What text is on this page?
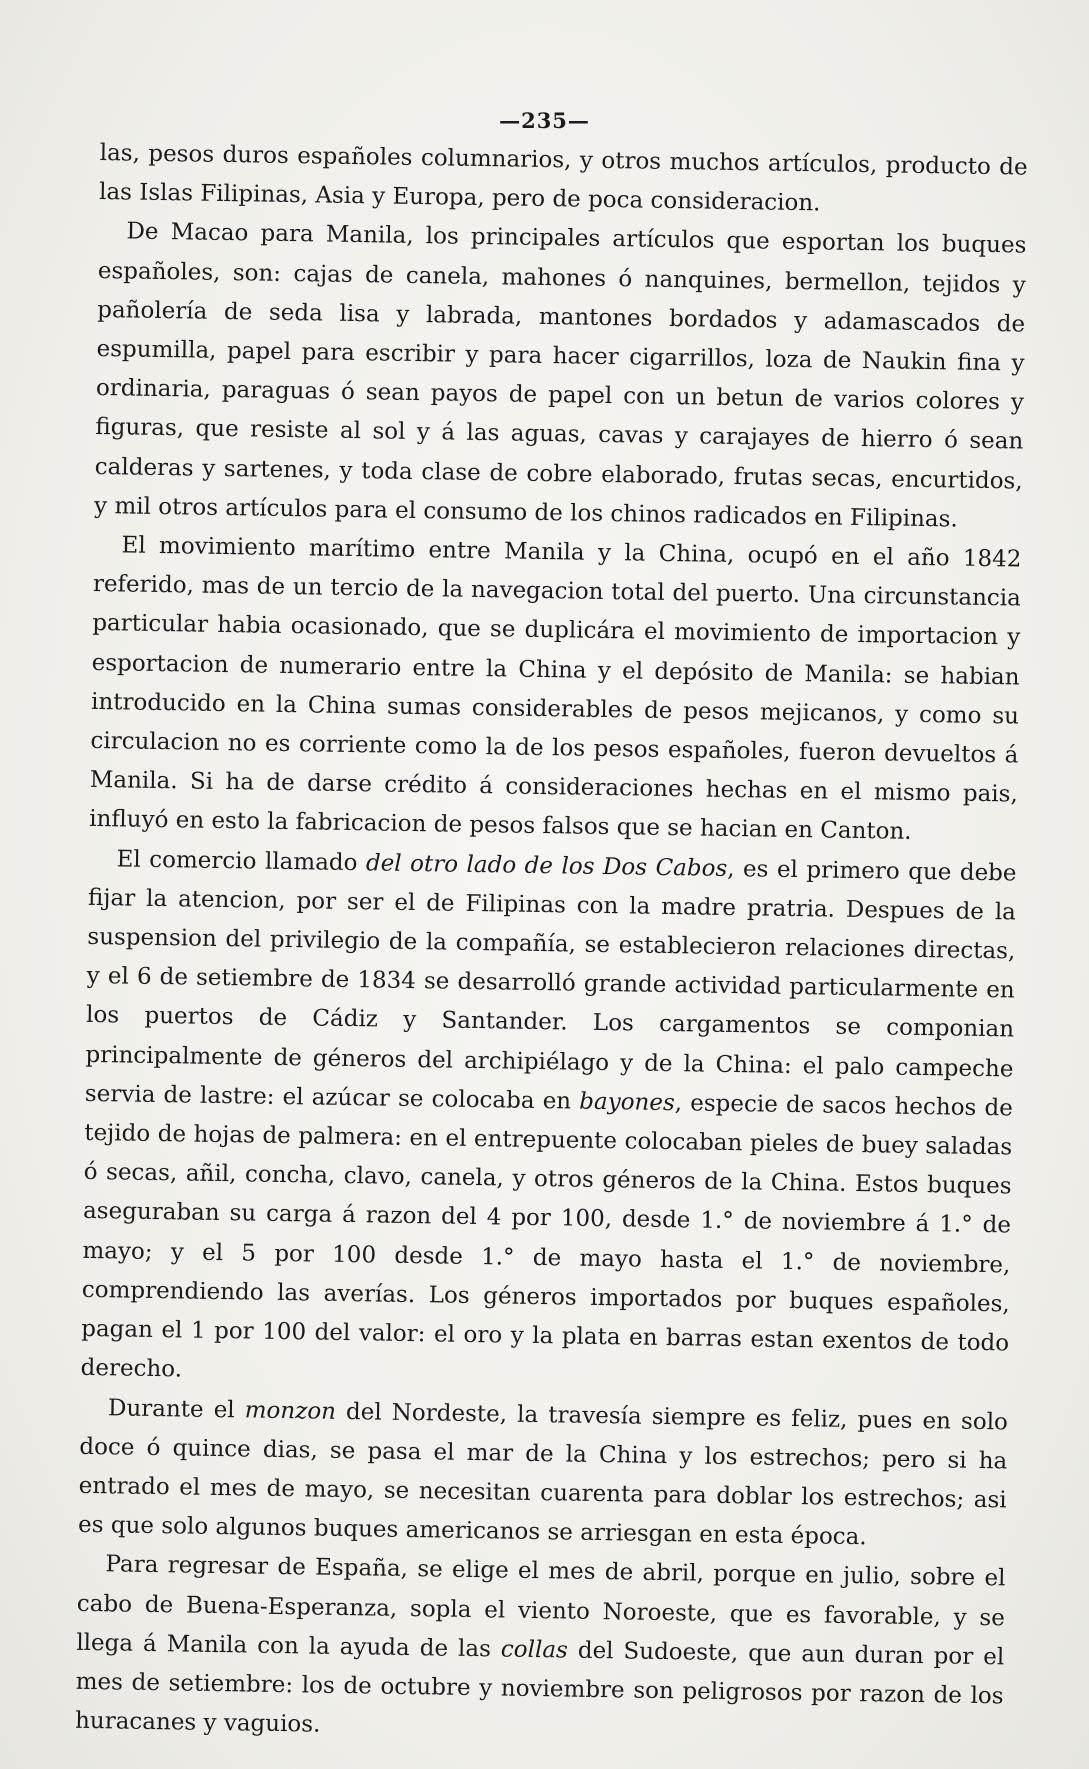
—235—

las, pesos duros españoles columnarios, y otros muchos artículos, producto de las Islas Filipinas, Asia y Europa, pero de poca consideracion.

De Macao para Manila, los principales artículos que esportan los buques españoles, son: cajas de canela, mahones ó nanquines, bermellon, tejidos y pañolería de seda lisa y labrada, mantones bordados y adamascados de espumilla, papel para escribir y para hacer cigarrillos, loza de Naukin fina y ordinaria, paraguas ó sean payos de papel con un betun de varios colores y figuras, que resiste al sol y á las aguas, cavas y carajayes de hierro ó sean calderas y sartenes, y toda clase de cobre elaborado, frutas secas, encurtidos, y mil otros artículos para el consumo de los chinos radicados en Filipinas.

El movimiento marítimo entre Manila y la China, ocupó en el año 1842 referido, mas de un tercio de la navegacion total del puerto. Una circunstancia particular habia ocasionado, que se duplicára el movimiento de importacion y esportacion de numerario entre la China y el depósito de Manila: se habian introducido en la China sumas considerables de pesos mejicanos, y como su circulacion no es corriente como la de los pesos españoles, fueron devueltos á Manila. Si ha de darse crédito á consideraciones hechas en el mismo pais, influyó en esto la fabricacion de pesos falsos que se hacian en Canton.

El comercio llamado del otro lado de los Dos Cabos, es el primero que debe fijar la atencion, por ser el de Filipinas con la madre pratria. Despues de la suspension del privilegio de la compañía, se establecieron relaciones directas, y el 6 de setiembre de 1834 se desarrolló grande actividad particularmente en los puertos de Cádiz y Santander. Los cargamentos se componian principalmente de géneros del archipiélago y de la China: el palo campeche servia de lastre: el azúcar se colocaba en bayones, especie de sacos hechos de tejido de hojas de palmera: en el entrepuente colocaban pieles de buey saladas ó secas, añil, concha, clavo, canela, y otros géneros de la China. Estos buques aseguraban su carga á razon del 4 por 100, desde 1.° de noviembre á 1.° de mayo; y el 5 por 100 desde 1.° de mayo hasta el 1.° de noviembre, comprendiendo las averías. Los géneros importados por buques españoles, pagan el 1 por 100 del valor: el oro y la plata en barras estan exentos de todo derecho.

Durante el monzon del Nordeste, la travesía siempre es feliz, pues en solo doce ó quince dias, se pasa el mar de la China y los estrechos; pero si ha entrado el mes de mayo, se necesitan cuarenta para doblar los estrechos; asi es que solo algunos buques americanos se arriesgan en esta época.

Para regresar de España, se elige el mes de abril, porque en julio, sobre el cabo de Buena-Esperanza, sopla el viento Noroeste, que es favorable, y se llega á Manila con la ayuda de las collas del Sudoeste, que aun duran por el mes de setiembre: los de octubre y noviembre son peligrosos por razon de los huracanes y vaguios.
